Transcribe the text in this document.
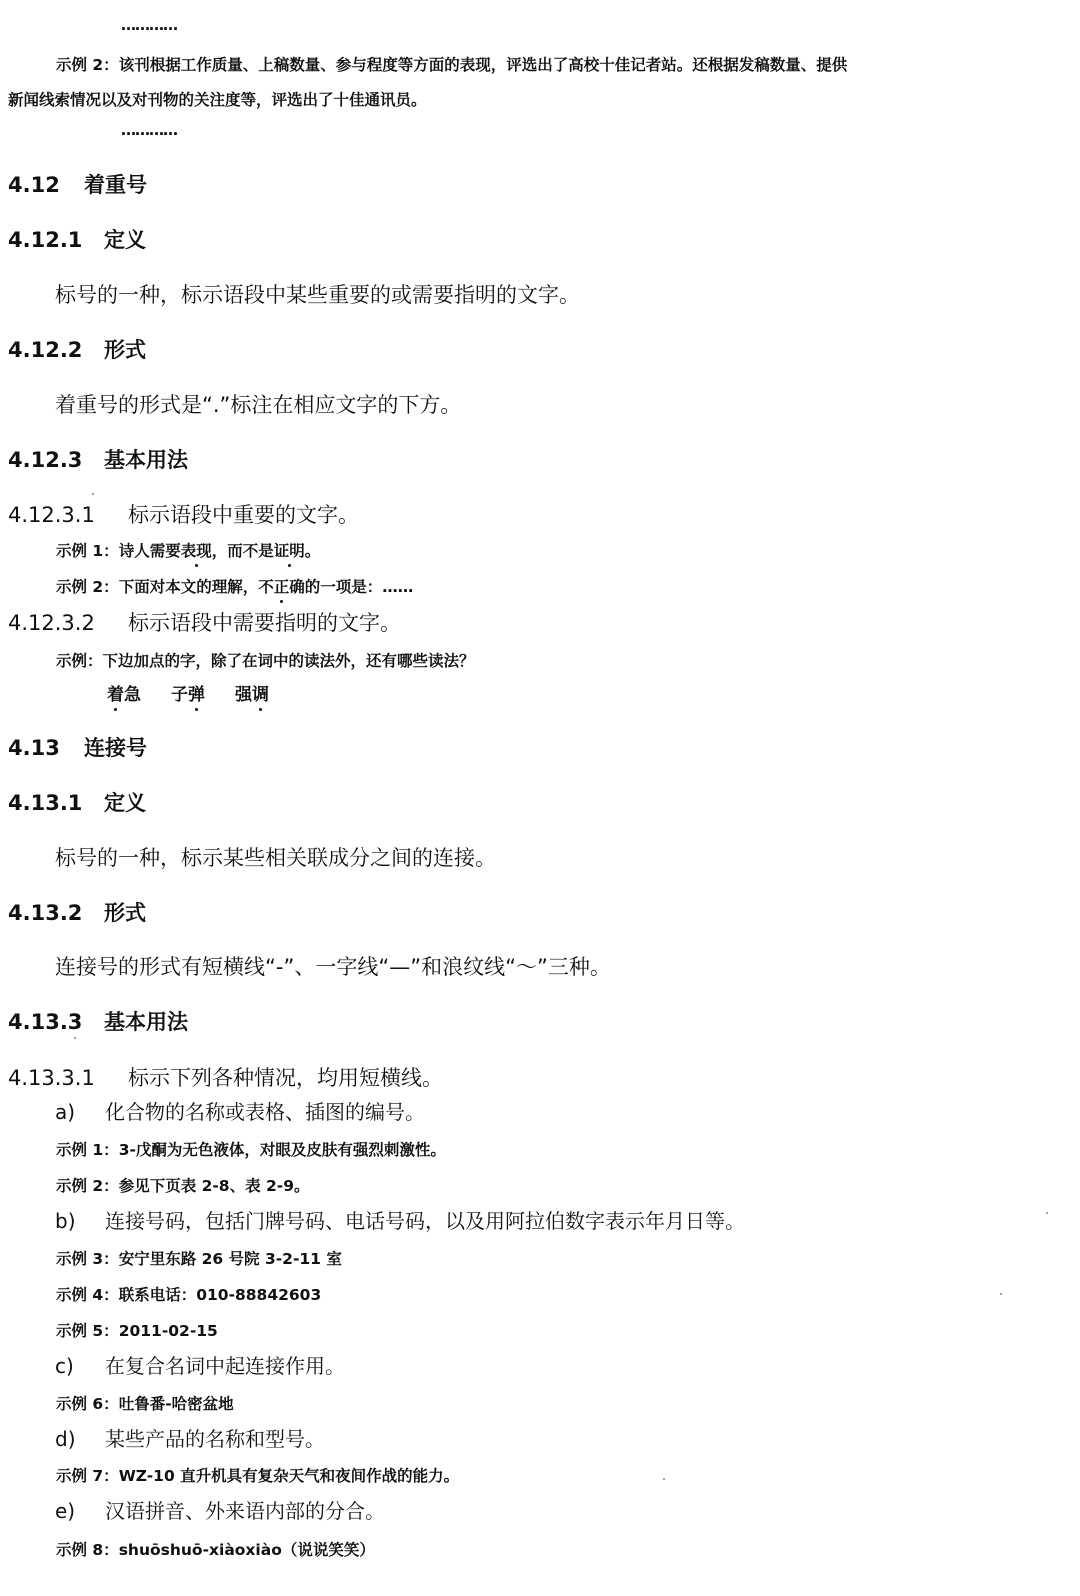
…………
示例 2：该刊根据工作质量、上稿数量、参与程度等方面的表现，评选出了高校十佳记者站。还根据发稿数量、提供
新闻线索情况以及对刊物的关注度等，评选出了十佳通讯员。
…………
4.12 着重号
4.12.1 定义
标号的一种，标示语段中某些重要的或需要指明的文字。
4.12.2 形式
着重号的形式是“.”标注在相应文字的下方。
4.12.3 基本用法
4.12.3.1 标示语段中重要的文字。
示例 1：诗人需要表现，而不是证明。
示例 2：下面对本文的理解，不正确的一项是：……
4.12.3.2 标示语段中需要指明的文字。
示例：下边加点的字，除了在词中的读法外，还有哪些读法？
着急 子弹 强调
4.13 连接号
4.13.1 定义
标号的一种，标示某些相关联成分之间的连接。
4.13.2 形式
连接号的形式有短横线“-”、一字线“—”和浪纹线“～”三种。
4.13.3 基本用法
4.13.3.1 标示下列各种情况，均用短横线。
a) 化合物的名称或表格、插图的编号。
示例 1：3-戊酮为无色液体，对眼及皮肤有强烈刺激性。
示例 2：参见下页表 2-8、表 2-9。
b) 连接号码，包括门牌号码、电话号码，以及用阿拉伯数字表示年月日等。
示例 3：安宁里东路 26 号院 3-2-11 室
示例 4：联系电话：010-88842603
示例 5：2011-02-15
c) 在复合名词中起连接作用。
示例 6：吐鲁番-哈密盆地
d) 某些产品的名称和型号。
示例 7：WZ-10 直升机具有复杂天气和夜间作战的能力。
e) 汉语拼音、外来语内部的分合。
示例 8：shuōshuō-xiàoxiào（说说笑笑）
